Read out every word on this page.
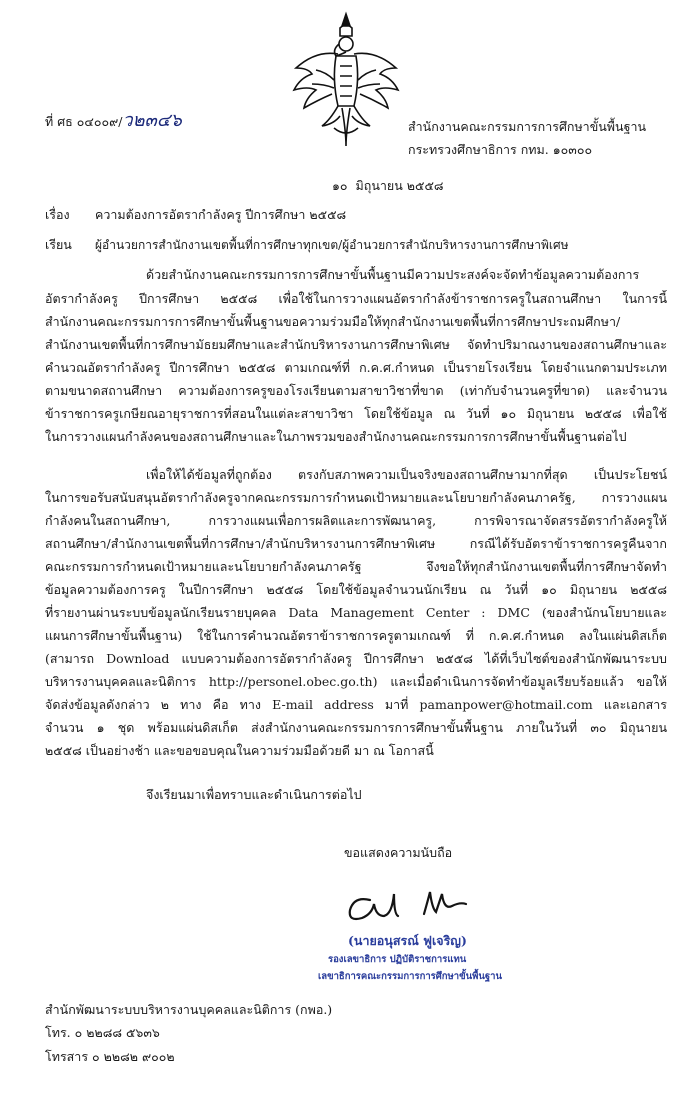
ที่ ศธ ๐๔๐๐๙/ว๒๓๔๖	สำนักงานคณะกรรมการการศึกษาขั้นพื้นฐาน
กระทรวงศึกษาธิการ กทม. ๑๐๓๐๐
๑๐ มิถุนายน ๒๕๕๘
เรื่อง ความต้องการอัตรากำลังครู ปีการศึกษา ๒๕๕๘
เรียน ผู้อำนวยการสำนักงานเขตพื้นที่การศึกษาทุกเขต/ผู้อำนวยการสำนักบริหารงานการศึกษาพิเศษ
ด้วยสำนักงานคณะกรรมการการศึกษาขั้นพื้นฐานมีความประสงค์จะจัดทำข้อมูลความต้องการ
อัตรากำลังครู ปีการศึกษา ๒๕๕๘ เพื่อใช้ในการวางแผนอัตรากำลังข้าราชการครูในสถานศึกษา ในการนี้
สำนักงานคณะกรรมการการศึกษาขั้นพื้นฐานขอความร่วมมือให้ทุกสำนักงานเขตพื้นที่การศึกษาประถมศึกษา/
สำนักงานเขตพื้นที่การศึกษามัธยมศึกษาและสำนักบริหารงานการศึกษาพิเศษ จัดทำปริมาณงานของสถานศึกษาและ
คำนวณอัตรากำลังครู ปีการศึกษา ๒๕๕๘ ตามเกณฑ์ที่ ก.ค.ศ.กำหนด เป็นรายโรงเรียน โดยจำแนกตามประเภท
ตามขนาดสถานศึกษา ความต้องการครูของโรงเรียนตามสาขาวิชาที่ขาด (เท่ากับจำนวนครูที่ขาด) และจำนวน
ข้าราชการครูเกษียณอายุราชการที่สอนในแต่ละสาขาวิชา โดยใช้ข้อมูล ณ วันที่ ๑๐ มิถุนายน ๒๕๕๘ เพื่อใช้
ในการวางแผนกำลังคนของสถานศึกษาและในภาพรวมของสำนักงานคณะกรรมการการศึกษาขั้นพื้นฐานต่อไป
เพื่อให้ได้ข้อมูลที่ถูกต้อง ตรงกับสภาพความเป็นจริงของสถานศึกษามากที่สุด เป็นประโยชน์
ในการขอรับสนับสนุนอัตรากำลังครูจากคณะกรรมการกำหนดเป้าหมายและนโยบายกำลังคนภาครัฐ, การวางแผน
กำลังคนในสถานศึกษา, การวางแผนเพื่อการผลิตและการพัฒนาครู, การพิจารณาจัดสรรอัตรากำลังครูให้
สถานศึกษา/สำนักงานเขตพื้นที่การศึกษา/สำนักบริหารงานการศึกษาพิเศษ กรณีได้รับอัตราข้าราชการครูคืนจาก
คณะกรรมการกำหนดเป้าหมายและนโยบายกำลังคนภาครัฐ จึงขอให้ทุกสำนักงานเขตพื้นที่การศึกษาจัดทำ
ข้อมูลความต้องการครู ในปีการศึกษา ๒๕๕๘ โดยใช้ข้อมูลจำนวนนักเรียน ณ วันที่ ๑๐ มิถุนายน ๒๕๕๘
ที่รายงานผ่านระบบข้อมูลนักเรียนรายบุคคล Data Management Center : DMC (ของสำนักนโยบายและ
แผนการศึกษาขั้นพื้นฐาน) ใช้ในการคำนวณอัตราข้าราชการครูตามเกณฑ์ ที่ ก.ค.ศ.กำหนด ลงในแผ่นดิสเก็ต
(สามารถ Download แบบความต้องการอัตรากำลังครู ปีการศึกษา ๒๕๕๘ ได้ที่เว็บไซต์ของสำนักพัฒนาระบบ
บริหารงานบุคคลและนิติการ http://personel.obec.go.th) และเมื่อดำเนินการจัดทำข้อมูลเรียบร้อยแล้ว ขอให้
จัดส่งข้อมูลดังกล่าว ๒ ทาง คือ ทาง E-mail address มาที่ pamanpower@hotmail.com และเอกสาร
จำนวน ๑ ชุด พร้อมแผ่นดิสเก็ต ส่งสำนักงานคณะกรรมการการศึกษาขั้นพื้นฐาน ภายในวันที่ ๓๐ มิถุนายน
๒๕๕๘ เป็นอย่างช้า และขอขอบคุณในความร่วมมือด้วยดี มา ณ โอกาสนี้
จึงเรียนมาเพื่อทราบและดำเนินการต่อไป
ขอแสดงความนับถือ
(นายอนุสรณ์ ฟูเจริญ)
รองเลขาธิการ ปฏิบัติราชการแทน
เลขาธิการคณะกรรมการการศึกษาขั้นพื้นฐาน
สำนักพัฒนาระบบบริหารงานบุคคลและนิติการ (กพอ.)
โทร. ๐ ๒๒๘๘ ๕๖๓๖
โทรสาร ๐ ๒๒๘๒ ๙๐๐๒
